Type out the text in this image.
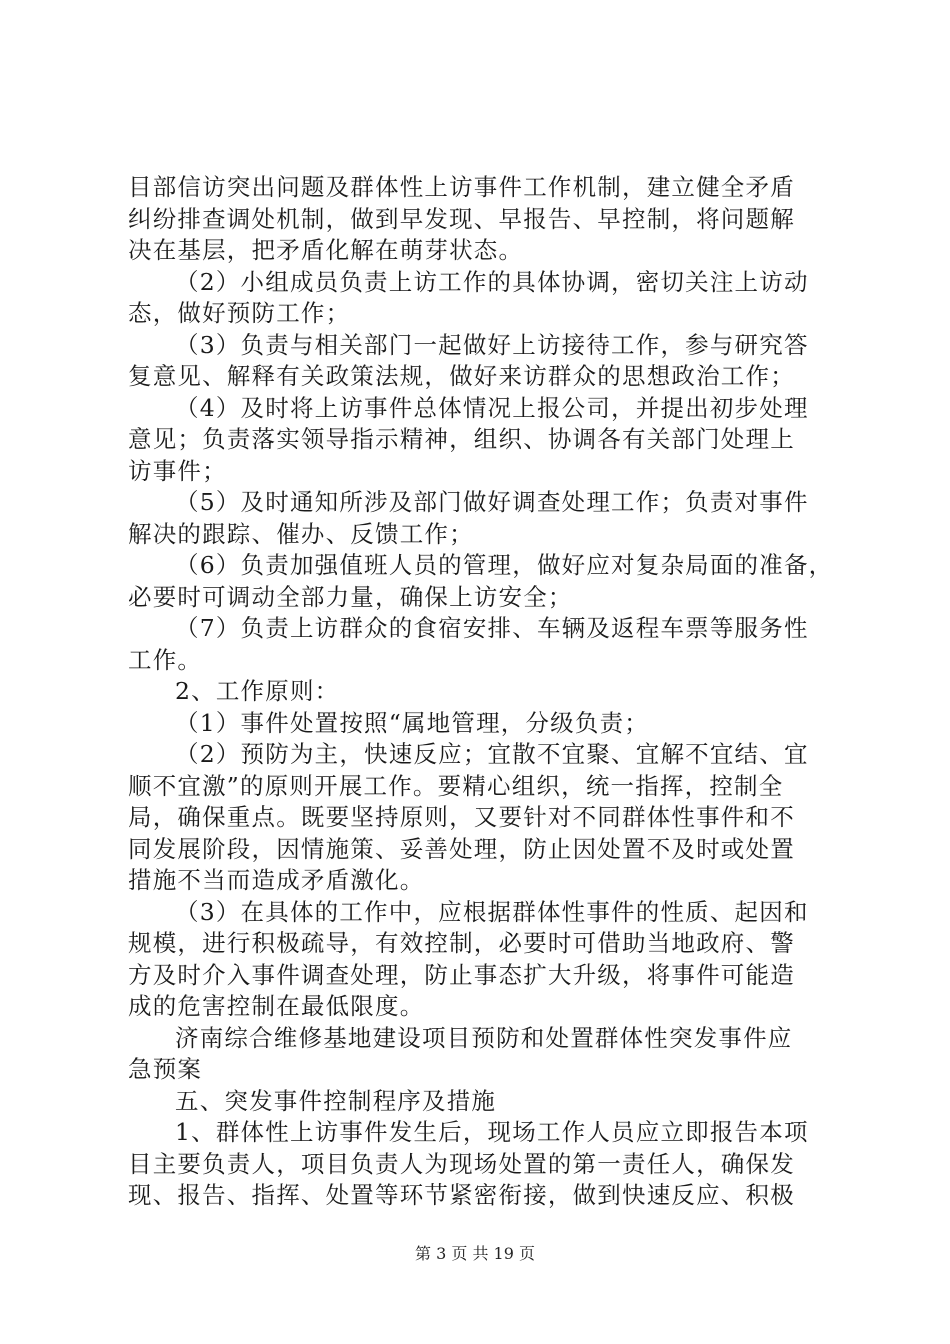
目部信访突出问题及群体性上访事件工作机制，建立健全矛盾
纠纷排查调处机制，做到早发现、早报告、早控制，将问题解
决在基层，把矛盾化解在萌芽状态。
（2）小组成员负责上访工作的具体协调，密切关注上访动
态，做好预防工作；
（3）负责与相关部门一起做好上访接待工作，参与研究答
复意见、解释有关政策法规，做好来访群众的思想政治工作；
（4）及时将上访事件总体情况上报公司，并提出初步处理
意见；负责落实领导指示精神，组织、协调各有关部门处理上
访事件；
（5）及时通知所涉及部门做好调查处理工作；负责对事件
解决的跟踪、催办、反馈工作；
（6）负责加强值班人员的管理，做好应对复杂局面的准备，
必要时可调动全部力量，确保上访安全；
（7）负责上访群众的食宿安排、车辆及返程车票等服务性
工作。
2、工作原则：
（1）事件处置按照“属地管理，分级负责；
（2）预防为主，快速反应；宜散不宜聚、宜解不宜结、宜
顺不宜激”的原则开展工作。要精心组织，统一指挥，控制全
局，确保重点。既要坚持原则，又要针对不同群体性事件和不
同发展阶段，因情施策、妥善处理，防止因处置不及时或处置
措施不当而造成矛盾激化。
（3）在具体的工作中，应根据群体性事件的性质、起因和
规模，进行积极疏导，有效控制，必要时可借助当地政府、警
方及时介入事件调查处理，防止事态扩大升级，将事件可能造
成的危害控制在最低限度。
济南综合维修基地建设项目预防和处置群体性突发事件应
急预案
五、突发事件控制程序及措施
1、群体性上访事件发生后，现场工作人员应立即报告本项
目主要负责人，项目负责人为现场处置的第一责任人，确保发
现、报告、指挥、处置等环节紧密衔接，做到快速反应、积极
第 3 页 共 19 页
